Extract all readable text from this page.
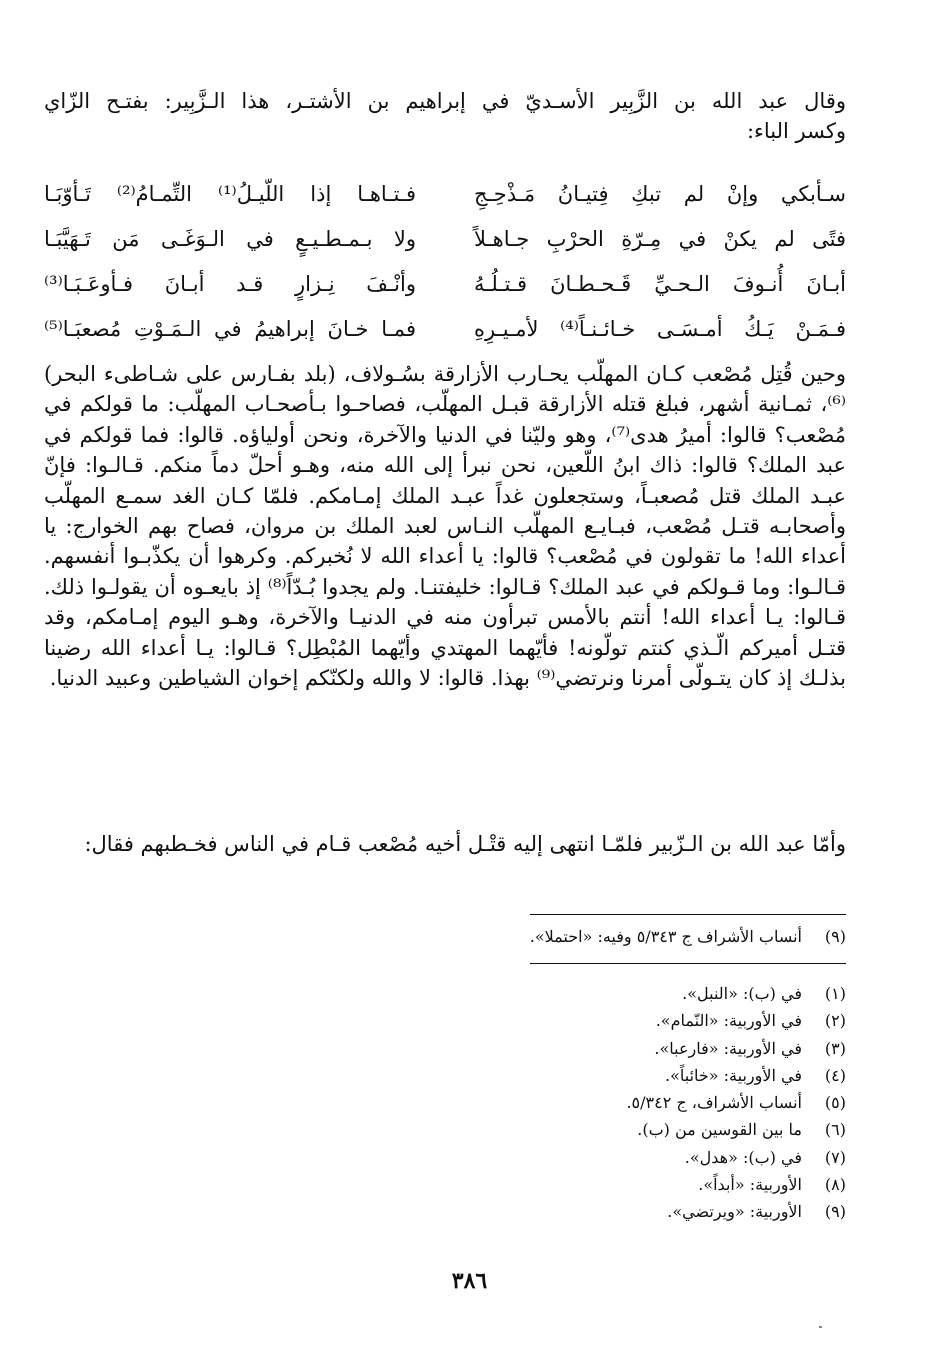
وقال عبد الله بن الزَّبِير الأسـديّ في إبراهيم بن الأشتـر، هذا الـزَّبِير: بفتـح الزّاي
وكسر الباء:
سـأبكي وإنْ لم تبكِ فِتيـانُ مَـذْحِـجِ
فـتـاهـا إذا اللّيـلُ⁽¹⁾ التِّمـامُ⁽²⁾ تَـأوّبَـا
فتًى لم يكنْ في مِـرّةِ الحرْبِ جـاهـلاً
ولا بـمـطـيـعٍ في الـوَغَـى مَن تَـهَيَّبَـا
أبـانَ أُنـوفَ الـحـيِّ قَـحـطـانَ قـتـلُـهُ
وأنْـفَ نِـزارٍ قـد أبـانَ فـأوعَـبَـا⁽³⁾
فـمَـنْ يَـكُ أمـسَـى خـائـنـاً⁽⁴⁾ لأمـيـرِهِ
فمـا خـانَ إبراهيمُ في الـمَـوْتِ مُصعبَـا⁽⁵⁾
وحين قُتِل مُصْعب كـان المهلّب يحـارب الأزارقة بسُـولاف، (بلد بفـارس على شـاطىء البحر)⁽⁶⁾، ثمـانية أشهر، فبلغ قتله الأزارقة قبـل المهلّب، فصاحـوا بـأصحـاب المهلّب: ما قولكم في مُصْعب؟ قالوا: أميرُ هدى⁽⁷⁾، وهو وليّنا في الدنيا والآخرة، ونحن أولياؤه. قالوا: فما قولكم في عبد الملك؟ قالوا: ذاك ابنُ اللّعين، نحن نبرأ إلى الله منه، وهـو أحلّ دماً منكم. قـالـوا: فإنّ عبـد الملك قتل مُصعبـاً، وستجعلون غداً عبـد الملك إمـامكم. فلمّا كـان الغد سمـع المهلّب وأصحابـه قتـل مُصْعب، فبـايـع المهلّب النـاس لعبد الملك بن مروان، فصاح بهم الخوارج: يا أعداء الله! ما تقولون في مُصْعب؟ قالوا: يا أعداء الله لا نُخبركم. وكرهوا أن يكذّبـوا أنفسهم. قـالـوا: وما قـولكم في عبد الملك؟ قـالوا: خليفتنـا. ولم يجدوا بُـدّاً⁽⁸⁾ إذ بايعـوه أن يقولـوا ذلك. قـالوا: يـا أعداء الله! أنتم بالأمس تبرأون منه في الدنيـا والآخرة، وهـو اليوم إمـامكم، وقد قتـل أميركم الّـذي كنتم تولّونه! فأيّهما المهتدي وأيّهما المُبْطِل؟ قـالوا: يـا أعداء الله رضينا بذلـك إذ كان يتـولّى أمرنا ونرتضي⁽⁹⁾ بهذا. قالوا: لا والله ولكنّكم إخوان الشياطين وعبيد الدنيا.
وأمّا عبد الله بن الـزّبير فلمّـا انتهى إليه قتْـل أخيه مُصْعب قـام في الناس فخـطبهم فقال:
(٩)
أنساب الأشراف ج ٥/٣٤٣ وفيه: «احتملا».
(١)
في (ب): «النبل».
(٢)
في الأوربية: «النّمام».
(٣)
في الأوربية: «فارعبا».
(٤)
في الأوربية: «خائباً».
(٥)
أنساب الأشراف، ج ٥/٣٤٢.
(٦)
ما بين القوسين من (ب).
(٧)
في (ب): «هدل».
(٨)
الأوربية: «أبداً».
(٩)
الأوربية: «ويرتضي».
٣٨٦
